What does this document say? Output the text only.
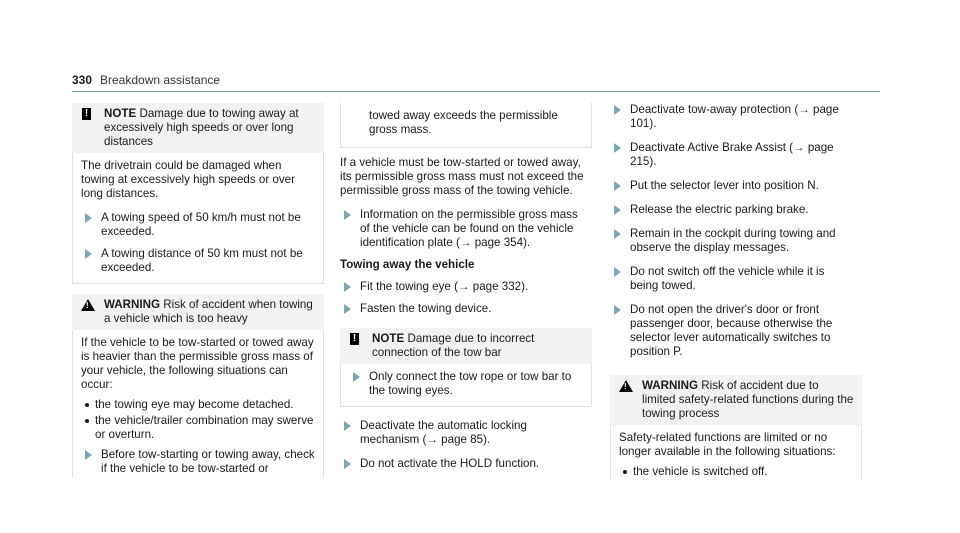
330 Breakdown assistance
! NOTE Damage due to towing away at excessively high speeds or over long distances
The drivetrain could be damaged when towing at excessively high speeds or over long distances.
A towing speed of 50 km/h must not be exceeded.
A towing distance of 50 km must not be exceeded.
! WARNING Risk of accident when towing a vehicle which is too heavy
If the vehicle to be tow-started or towed away is heavier than the permissible gross mass of your vehicle, the following situations can occur:
the towing eye may become detached.
the vehicle/trailer combination may swerve or overturn.
Before tow-starting or towing away, check if the vehicle to be tow-started or
towed away exceeds the permissible gross mass.
If a vehicle must be tow-started or towed away, its permissible gross mass must not exceed the permissible gross mass of the towing vehicle.
Information on the permissible gross mass of the vehicle can be found on the vehicle identification plate (→ page 354).
Towing away the vehicle
Fit the towing eye (→ page 332).
Fasten the towing device.
! NOTE Damage due to incorrect connection of the tow bar
Only connect the tow rope or tow bar to the towing eyes.
Deactivate the automatic locking mechanism (→ page 85).
Do not activate the HOLD function.
Deactivate tow-away protection (→ page 101).
Deactivate Active Brake Assist (→ page 215).
Put the selector lever into position N.
Release the electric parking brake.
Remain in the cockpit during towing and observe the display messages.
Do not switch off the vehicle while it is being towed.
Do not open the driver's door or front passenger door, because otherwise the selector lever automatically switches to position P.
! WARNING Risk of accident due to limited safety-related functions during the towing process
Safety-related functions are limited or no longer available in the following situations:
the vehicle is switched off.
